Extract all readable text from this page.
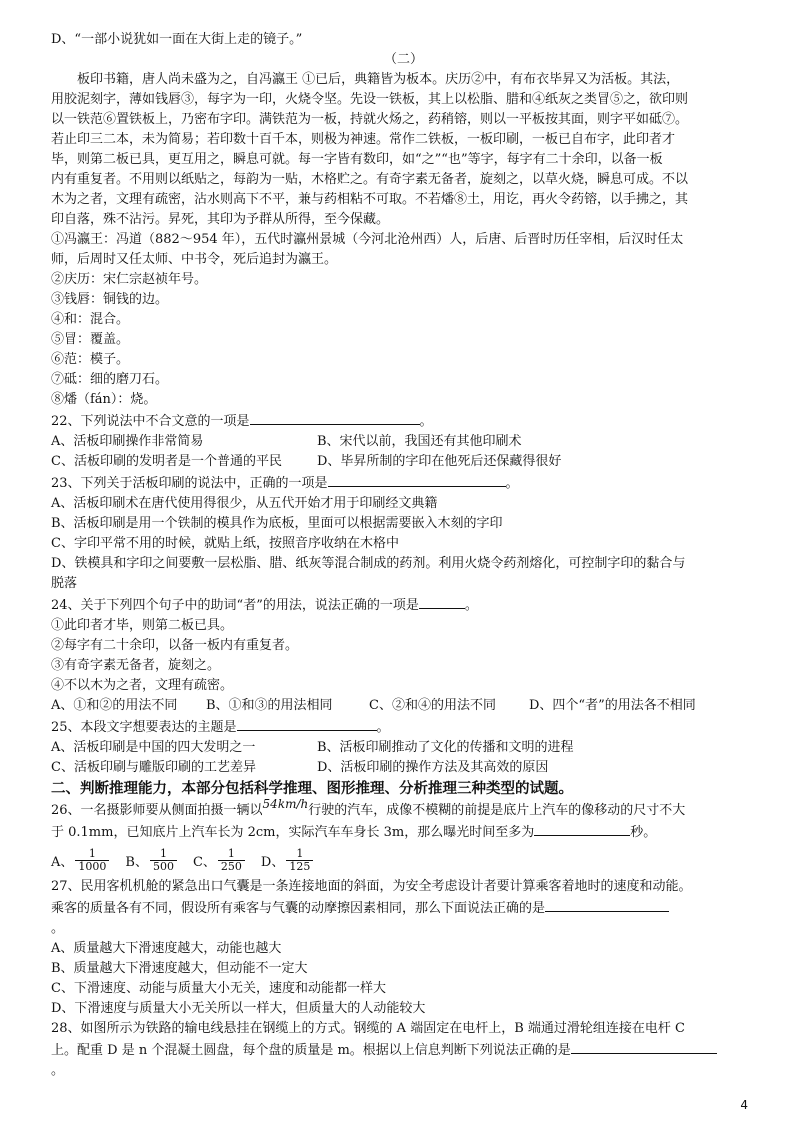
D、“一部小说犹如一面在大街上走的镜子。”

（二）

板印书籍，唐人尚未盛为之，自冯瀛王 ①已后，典籍皆为板本。庆历②中，有布衣毕昇又为活板。其法，

用胶泥刻字，薄如钱唇③，每字为一印，火烧令坚。先设一铁板，其上以松脂、腊和④纸灰之类冒⑤之，欲印则

以一铁范⑥置铁板上，乃密布字印。满铁范为一板，持就火炀之，药稍镕，则以一平板按其面，则字平如砥⑦。

若止印三二本，未为简易；若印数十百千本，则极为神速。常作二铁板，一板印刷，一板已自布字，此印者才

毕，则第二板已具，更互用之，瞬息可就。每一字皆有数印，如“之”“也”等字，每字有二十余印，以备一板

内有重复者。不用则以纸贴之，每韵为一贴，木格贮之。有奇字素无备者，旋刻之，以草火烧，瞬息可成。不以

木为之者，文理有疏密，沾水则高下不平，兼与药相粘不可取。不若燔⑧土，用讫，再火令药镕，以手拂之，其

印自落，殊不沾污。昇死，其印为予群从所得，至今保藏。

①冯瀛王：冯道（882～954 年），五代时瀛州景城（今河北沧州西）人，后唐、后晋时历任宰相，后汉时任太

师，后周时又任太师、中书令，死后追封为瀛王。

②庆历：宋仁宗赵祯年号。

③钱唇：铜钱的边。

④和：混合。

⑤冒：覆盖。

⑥范：模子。

⑦砥：细的磨刀石。

⑧燔（fán）：烧。

22、下列说法中不合文意的一项是	。

A、活板印刷操作非常简易	B、宋代以前，我国还有其他印刷术

C、活板印刷的发明者是一个普通的平民	D、毕昇所制的字印在他死后还保藏得很好

23、下列关于活板印刷的说法中，正确的一项是	。

A、活板印刷术在唐代使用得很少，从五代开始才用于印刷经文典籍

B、活板印刷是用一个铁制的模具作为底板，里面可以根据需要嵌入木刻的字印

C、字印平常不用的时候，就贴上纸，按照音序收纳在木格中

D、铁模具和字印之间要敷一层松脂、腊、纸灰等混合制成的药剂。利用火烧令药剂熔化，可控制字印的黏合与

脱落

24、关于下列四个句子中的助词“者”的用法，说法正确的一项是	。

①此印者才毕，则第二板已具。

②每字有二十余印，以备一板内有重复者。

③有奇字素无备者，旋刻之。

④不以木为之者，文理有疏密。

A、①和②的用法不同 B、①和③的用法相同	C、②和④的用法不同	D、四个“者”的用法各不相同

25、本段文字想要表达的主题是	。

A、活板印刷是中国的四大发明之一	B、活板印刷推动了文化的传播和文明的进程

C、活板印刷与雕版印刷的工艺差异	D、活板印刷的操作方法及其高效的原因

二、判断推理能力，本部分包括科学推理、图形推理、分析推理三种类型的试题。

26、一名摄影师要从侧面拍摄一辆以54km/h行驶的汽车，成像不模糊的前提是底片上汽车的像移动的尺寸不大

于 0.1mm，已知底片上汽车长为 2cm，实际汽车车身长 3m，那么曝光时间至多为	秒。

A、 $\frac{1}{1000}$ B、 $\frac{1}{500}$ C、 $\frac{1}{250}$ D、 $\frac{1}{125}$

27、民用客机机舱的紧急出口气囊是一条连接地面的斜面，为安全考虑设计者要计算乘客着地时的速度和动能。

乘客的质量各有不同，假设所有乘客与气囊的动摩擦因素相同，那么下面说法正确的是

。

A、质量越大下滑速度越大，动能也越大

B、质量越大下滑速度越大，但动能不一定大

C、下滑速度、动能与质量大小无关，速度和动能都一样大

D、下滑速度与质量大小无关所以一样大，但质量大的人动能较大

28、如图所示为铁路的输电线悬挂在钢缆上的方式。钢缆的 A 端固定在电杆上，B 端通过滑轮组连接在电杆 C

上。配重 D 是 n 个混凝土圆盘，每个盘的质量是 m。根据以上信息判断下列说法正确的是

。

4
